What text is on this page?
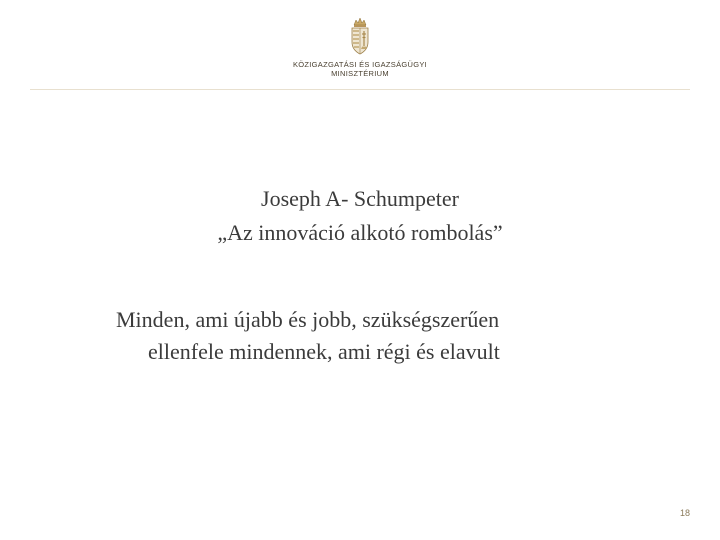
KÖZIGAZGATÁSI ÉS IGAZSÁGÜGYI
MINISZTÉRIUM
Joseph A- Schumpeter
„Az innováció alkotó rombolás”
Minden, ami újabb és jobb, szükségszerűen
ellenfele mindennek, ami régi és elavult
18
